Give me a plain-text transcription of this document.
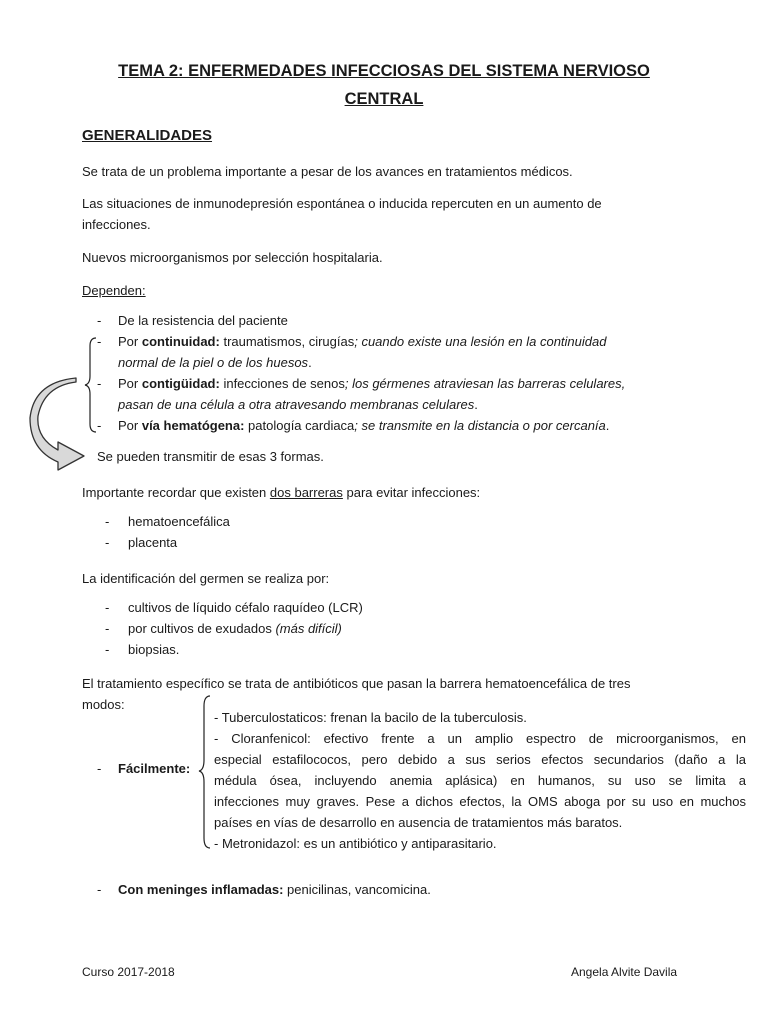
TEMA 2: ENFERMEDADES INFECCIOSAS DEL SISTEMA NERVIOSO
CENTRAL
GENERALIDADES
Se trata de un problema importante a pesar de los avances en tratamientos médicos.
Las situaciones de inmunodepresión espontánea o inducida repercuten en un aumento de
infecciones.
Nuevos microorganismos por selección hospitalaria.
Dependen:
-	De la resistencia del paciente
-	Por continuidad: traumatismos, cirugías; cuando existe una lesión en la continuidad
normal de la piel o de los huesos.
-	Por contigüidad: infecciones de senos; los gérmenes atraviesan las barreras celulares,
pasan de una célula a otra atravesando membranas celulares.
-	Por vía hematógena: patología cardiaca; se transmite en la distancia o por cercanía.
Se pueden transmitir de esas 3 formas.
Importante recordar que existen dos barreras para evitar infecciones:
-	hematoencefálica
-	placenta
La identificación del germen se realiza por:
-	cultivos de líquido céfalo raquídeo (LCR)
-	por cultivos de exudados (más difícil)
-	biopsias.
El tratamiento específico se trata de antibióticos que pasan la barrera hematoencefálica de tres
modos:
-	Fácilmente:
- Tuberculostaticos: frenan la bacilo de la tuberculosis.
- Cloranfenicol: efectivo frente a un amplio espectro de microorganismos, en
especial estafilococos, pero debido a sus serios efectos secundarios (daño a la
médula ósea, incluyendo anemia aplásica) en humanos, su uso se limita a
infecciones muy graves. Pese a dichos efectos, la OMS aboga por su uso en muchos
países en vías de desarrollo en ausencia de tratamientos más baratos.
- Metronidazol: es un antibiótico y antiparasitario.
-	Con meninges inflamadas: penicilinas, vancomicina.
Curso 2017-2018	Angela Alvite Davila
